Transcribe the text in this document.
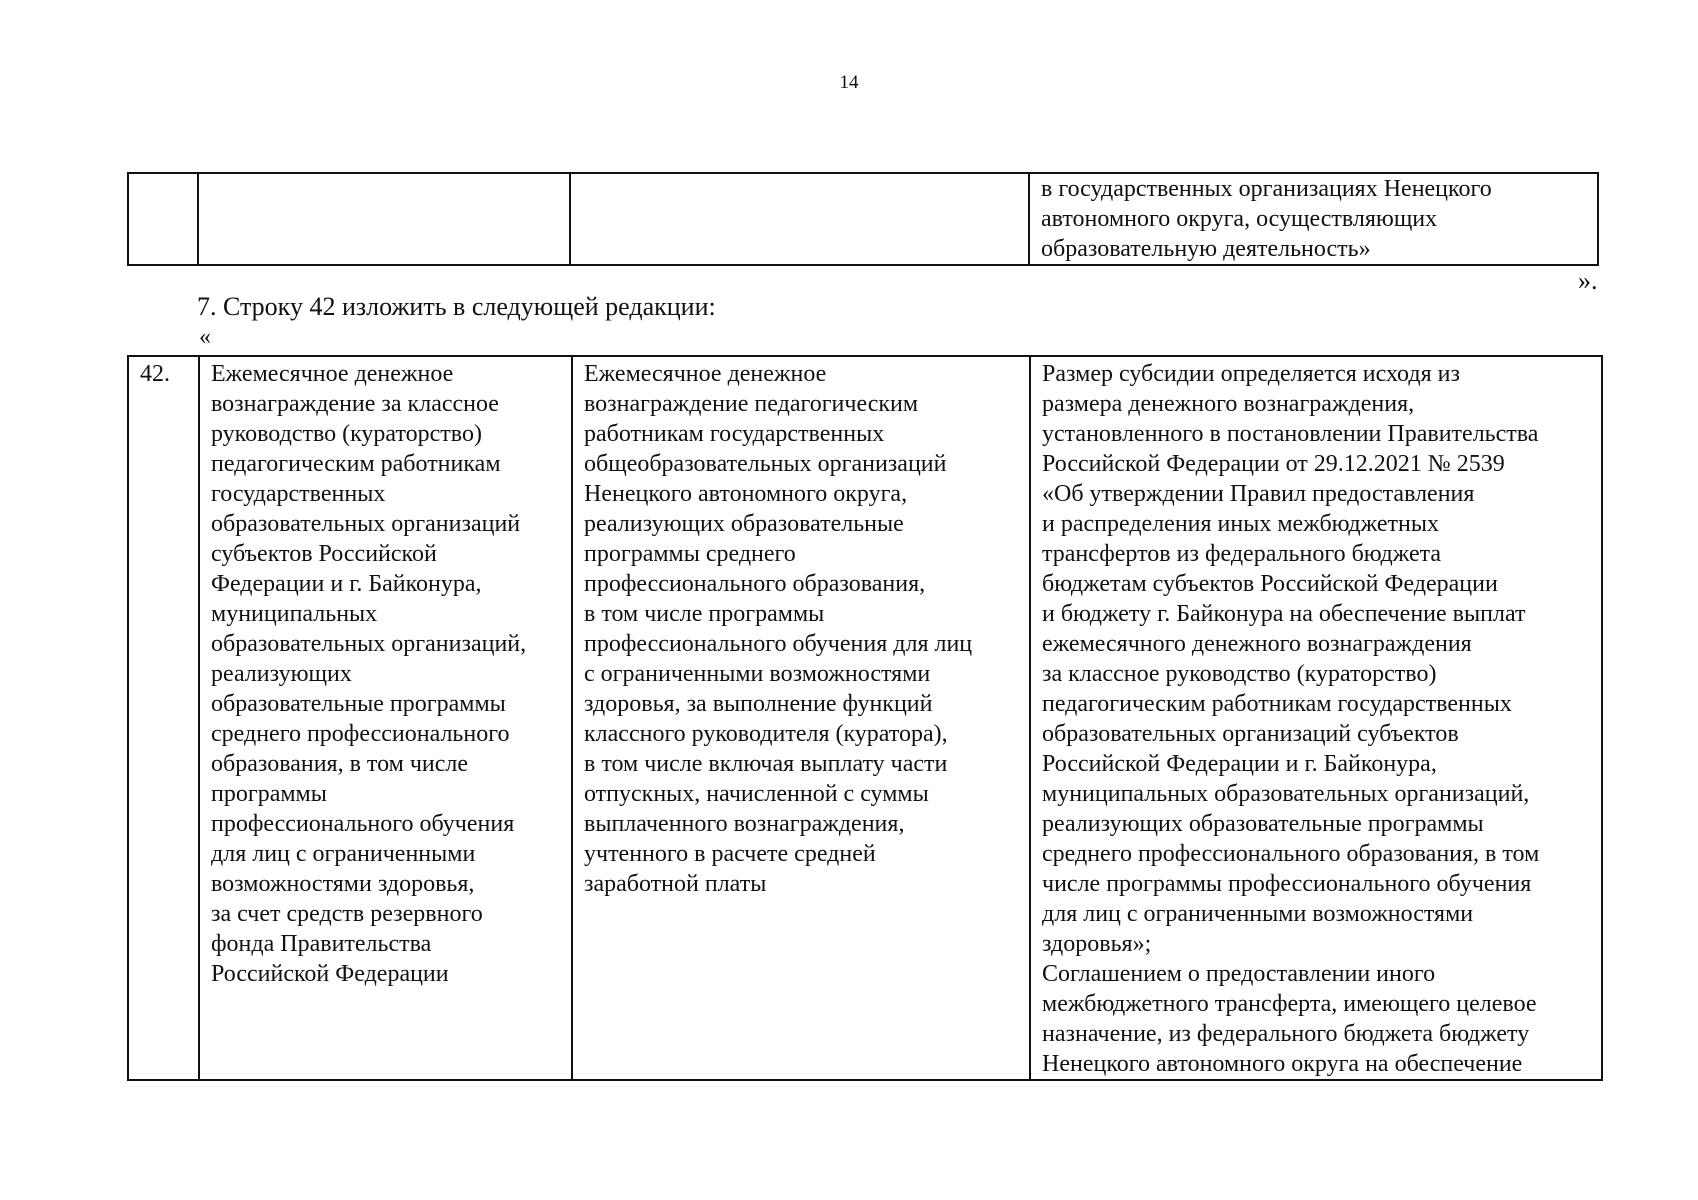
14

в государственных организациях Ненецкого
автономного округа, осуществляющих
образовательную деятельность»
».
7. Строку 42 изложить в следующей редакции:
«
42.	Ежемесячное денежное
вознаграждение за классное
руководство (кураторство)
педагогическим работникам
государственных
образовательных организаций
субъектов Российской
Федерации и г. Байконура,
муниципальных
образовательных организаций,
реализующих
образовательные программы
среднего профессионального
образования, в том числе
программы
профессионального обучения
для лиц с ограниченными
возможностями здоровья,
за счет средств резервного
фонда Правительства
Российской Федерации

Ежемесячное денежное
вознаграждение педагогическим
работникам государственных
общеобразовательных организаций
Ненецкого автономного округа,
реализующих образовательные
программы среднего
профессионального образования,
в том числе программы
профессионального обучения для лиц
с ограниченными возможностями
здоровья, за выполнение функций
классного руководителя (куратора),
в том числе включая выплату части
отпускных, начисленной с суммы
выплаченного вознаграждения,
учтенного в расчете средней
заработной платы

Размер субсидии определяется исходя из
размера денежного вознаграждения,
установленного в постановлении Правительства
Российской Федерации от 29.12.2021 № 2539
«Об утверждении Правил предоставления
и распределения иных межбюджетных
трансфертов из федерального бюджета
бюджетам субъектов Российской Федерации
и бюджету г. Байконура на обеспечение выплат
ежемесячного денежного вознаграждения
за классное руководство (кураторство)
педагогическим работникам государственных
образовательных организаций субъектов
Российской Федерации и г. Байконура,
муниципальных образовательных организаций,
реализующих образовательные программы
среднего профессионального образования, в том
числе программы профессионального обучения
для лиц с ограниченными возможностями
здоровья»;
Соглашением о предоставлении иного
межбюджетного трансферта, имеющего целевое
назначение, из федерального бюджета бюджету
Ненецкого автономного округа на обеспечение
